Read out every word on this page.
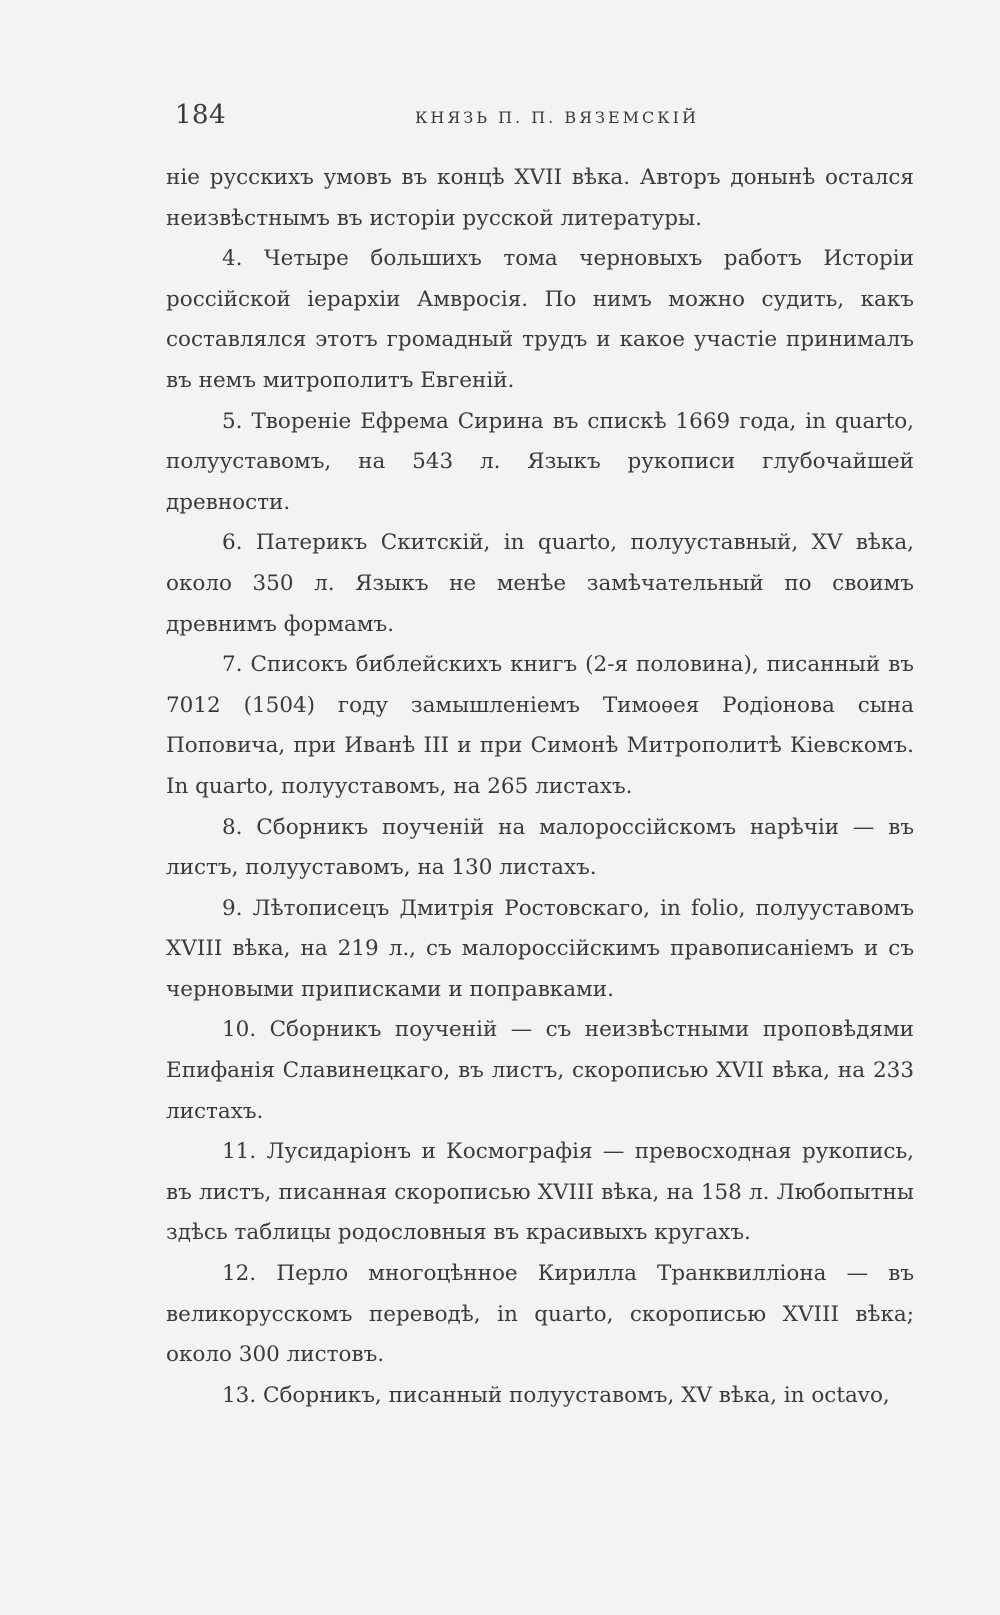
184	КНЯЗЬ П. П. ВЯЗЕМСКІЙ

ніе русскихъ умовъ въ концѣ XVII вѣка. Авторъ донынѣ остался неизвѣстнымъ въ исторіи русской литературы.

4. Четыре большихъ тома черновыхъ работъ Исторіи россійской іерархіи Амвросія. По нимъ можно судить, какъ составлялся этотъ громадный трудъ и какое участіе принималъ въ немъ митрополитъ Евгеній.

5. Твореніе Ефрема Сирина въ спискѣ 1669 года, in quarto, полууставомъ, на 543 л. Языкъ рукописи глубочайшей древности.

6. Патерикъ Скитскій, in quarto, полууставный, XV вѣка, около 350 л. Языкъ не менѣе замѣчательный по своимъ древнимъ формамъ.

7. Списокъ библейскихъ книгъ (2-я половина), писанный въ 7012 (1504) году замышленіемъ Тимоѳея Родіонова сына Поповича, при Иванѣ III и при Симонѣ Митрополитѣ Кіевскомъ. In quarto, полууставомъ, на 265 листахъ.

8. Сборникъ поученій на малороссійскомъ нарѣчіи — въ листъ, полууставомъ, на 130 листахъ.

9. Лѣтописецъ Дмитрія Ростовскаго, in folio, полууставомъ XVIII вѣка, на 219 л., съ малороссійскимъ правописаніемъ и съ черновыми приписками и поправками.

10. Сборникъ поученій — съ неизвѣстными проповѣдями Епифанія Славинецкаго, въ листъ, скорописью XVII вѣка, на 233 листахъ.

11. Лусидаріонъ и Космографія — превосходная рукопись, въ листъ, писанная скорописью XVIII вѣка, на 158 л. Любопытны здѣсь таблицы родословныя въ красивыхъ кругахъ.

12. Перло многоцѣнное Кирилла Транквилліона — въ великорусскомъ переводѣ, in quarto, скорописью XVIII вѣка; около 300 листовъ.

13. Сборникъ, писанный полууставомъ, XV вѣка, in octavo,
